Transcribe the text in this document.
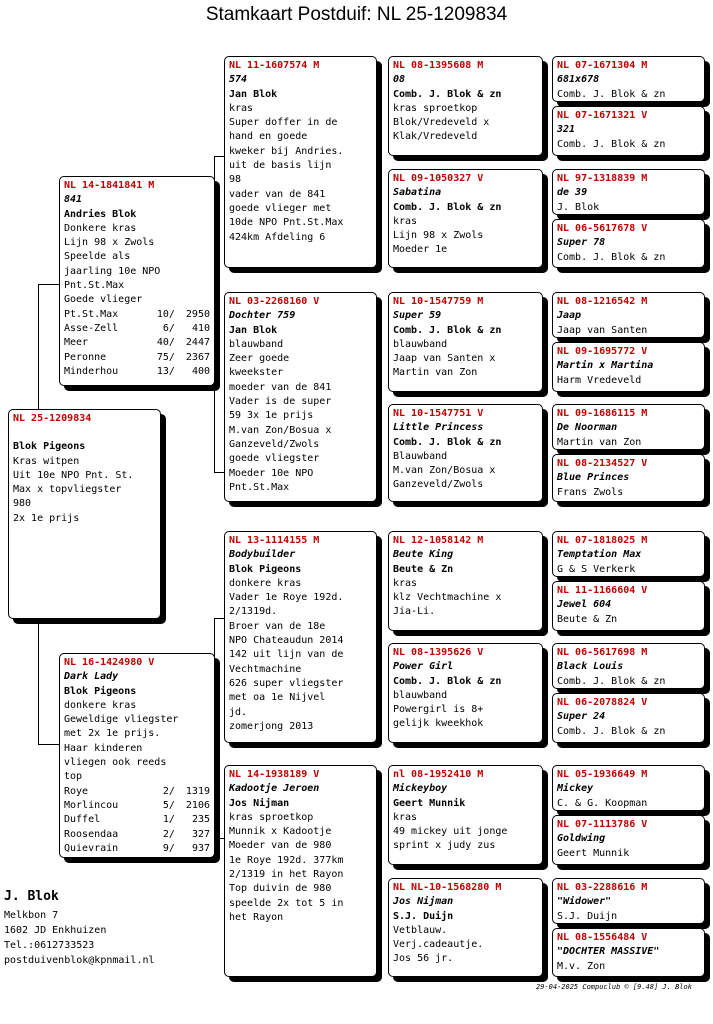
Stamkaart Postduif: NL 25-1209834
NL 25-1209834
Blok Pigeons
Kras witpen
Uit 10e NPO Pnt. St.
Max x topvliegster
980
2x 1e prijs
NL 14-1841841 M
841
Andries Blok
Donkere kras
Lijn 98 x Zwols
Speelde als
jaarling 10e NPO
Pnt.St.Max
Goede vlieger
Pt.St.Max	10/	2950
Asse-Zell	6/	410
Meer	40/	2447
Peronne	75/	2367
Minderhou	13/	400
NL 16-1424980 V
Dark Lady
Blok Pigeons
donkere kras
Geweldige vliegster
met 2x 1e prijs.
Haar kinderen
vliegen ook reeds
top
Roye	2/	1319
Morlincou	5/	2106
Duffel	1/	235
Roosendaa	2/	327
Quievrain	9/	937
NL 11-1607574 M
574
Jan Blok
kras
Super doffer in de
hand en goede
kweker bij Andries.
uit de basis lijn
98
vader van de 841
goede vlieger met
10de NPO Pnt.St.Max
424km Afdeling 6
NL 03-2268160 V
Dochter 759
Jan Blok
blauwband
Zeer goede
kweekster
moeder van de 841
Vader is de super
59 3x 1e prijs
M.van Zon/Bosua x
Ganzeveld/Zwols
goede vliegster
Moeder 10e NPO
Pnt.St.Max
NL 13-1114155 M
Bodybuilder
Blok Pigeons
donkere kras
Vader 1e Roye 192d.
2/1319d.
Broer van de 18e
NPO Chateaudun 2014
142 uit lijn van de
Vechtmachine
626 super vliegster
met oa 1e Nijvel
jd.
zomerjong 2013
NL 14-1938189 V
Kadootje Jeroen
Jos Nijman
kras sproetkop
Munnik x Kadootje
Moeder van de 980
1e Roye 192d. 377km
2/1319 in het Rayon
Top duivin de 980
speelde 2x tot 5 in
het Rayon
NL 08-1395608 M
08
Comb. J. Blok & zn
kras sproetkop
Blok/Vredeveld x
Klak/Vredeveld
NL 09-1050327 V
Sabatina
Comb. J. Blok & zn
kras
Lijn 98 x Zwols
Moeder 1e
NL 10-1547759 M
Super 59
Comb. J. Blok & zn
blauwband
Jaap van Santen x
Martin van Zon
NL 10-1547751 V
Little Princess
Comb. J. Blok & zn
Blauwband
M.van Zon/Bosua x
Ganzeveld/Zwols
NL 12-1058142 M
Beute King
Beute & Zn
kras
klz Vechtmachine x
Jia-Li.
NL 08-1395626 V
Power Girl
Comb. J. Blok & zn
blauwband
Powergirl is 8+
gelijk kweekhok
nl 08-1952410 M
Mickeyboy
Geert Munnik
kras
49 mickey uit jonge
sprint x judy zus
NL NL-10-1568280 M
Jos Nijman
S.J. Duijn
Vetblauw.
Verj.cadeautje.
Jos 56 jr.
NL 07-1671304 M
681x678
Comb. J. Blok & zn
NL 07-1671321 V
321
Comb. J. Blok & zn
NL 97-1318839 M
de 39
J. Blok
NL 06-5617678 V
Super 78
Comb. J. Blok & zn
NL 08-1216542 M
Jaap
Jaap van Santen
NL 09-1695772 V
Martin x Martina
Harm Vredeveld
NL 09-1686115 M
De Noorman
Martin van Zon
NL 08-2134527 V
Blue Princes
Frans Zwols
NL 07-1818025 M
Temptation Max
G & S Verkerk
NL 11-1166604 V
Jewel 604
Beute & Zn
NL 06-5617698 M
Black Louis
Comb. J. Blok & zn
NL 06-2078824 V
Super 24
Comb. J. Blok & zn
NL 05-1936649 M
Mickey
C. & G. Koopman
NL 07-1113786 V
Goldwing
Geert Munnik
NL 03-2288616 M
"Widower"
S.J. Duijn
NL 08-1556484 V
"DOCHTER MASSIVE"
M.v. Zon
J. Blok
Melkbon 7
1602 JD Enkhuizen
Tel.:0612733523
postduivenblok@kpnmail.nl
29-04-2025 Compuclub © [9.48] J. Blok
